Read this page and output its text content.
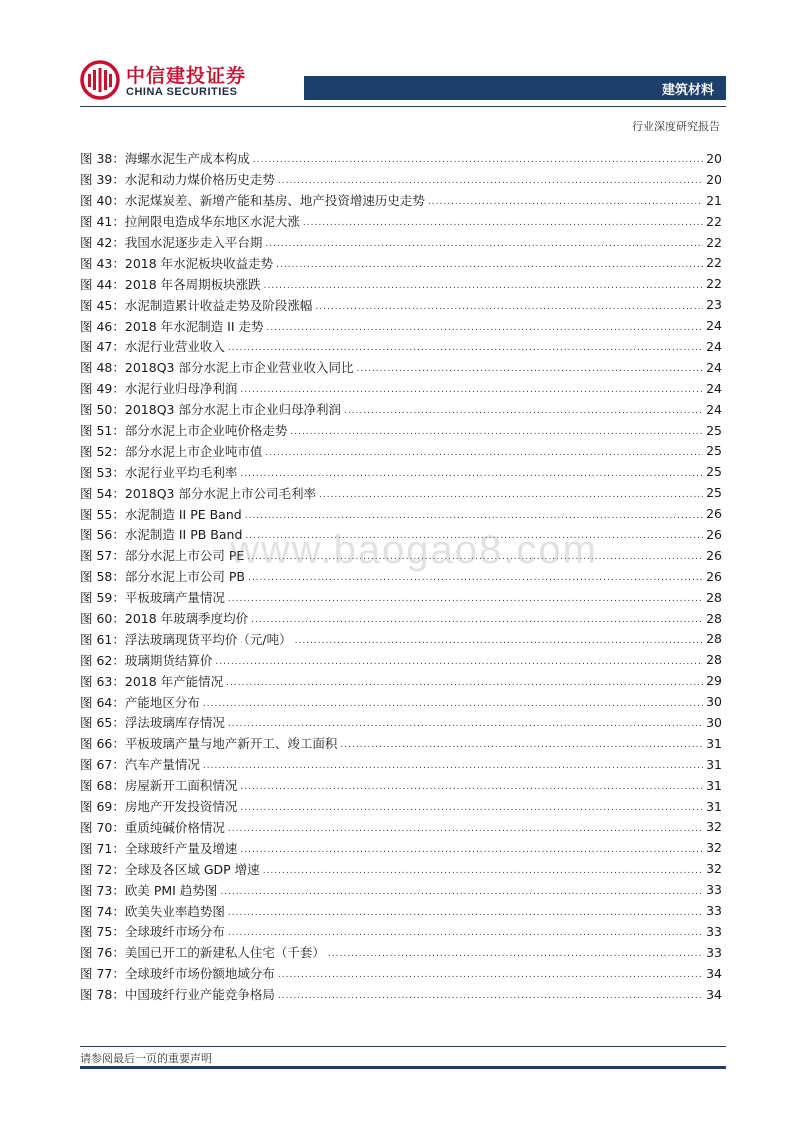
中信建投证券
CHINA SECURITIES	建筑材料
行业深度研究报告
图 38：海螺水泥生产成本构成 .....	20
图 39：水泥和动力煤价格历史走势 .....	20
图 40：水泥煤炭差、新增产能和基房、地产投资增速历史走势 .....	21
图 41：拉闸限电造成华东地区水泥大涨 .....	22
图 42：我国水泥逐步走入平台期 .....	22
图 43：2018 年水泥板块收益走势 .....	22
图 44：2018 年各周期板块涨跌 .....	22
图 45：水泥制造累计收益走势及阶段涨幅 .....	23
图 46：2018 年水泥制造 II 走势 .....	24
图 47：水泥行业营业收入 .....	24
图 48：2018Q3 部分水泥上市企业营业收入同比 .....	24
图 49：水泥行业归母净利润 .....	24
图 50：2018Q3 部分水泥上市企业归母净利润 .....	24
图 51：部分水泥上市企业吨价格走势 .....	25
图 52：部分水泥上市企业吨市值 .....	25
图 53：水泥行业平均毛利率 .....	25
图 54：2018Q3 部分水泥上市公司毛利率 .....	25
图 55：水泥制造 II PE Band .....	26
图 56：水泥制造 II PB Band .....	26
图 57：部分水泥上市公司 PE .....	26
图 58：部分水泥上市公司 PB .....	26
图 59：平板玻璃产量情况 .....	28
图 60：2018 年玻璃季度均价 .....	28
图 61：浮法玻璃现货平均价（元/吨） .....	28
图 62：玻璃期货结算价 .....	28
图 63：2018 年产能情况 .....	29
图 64：产能地区分布 .....	30
图 65：浮法玻璃库存情况 .....	30
图 66：平板玻璃产量与地产新开工、竣工面积 .....	31
图 67：汽车产量情况 .....	31
图 68：房屋新开工面积情况 .....	31
图 69：房地产开发投资情况 .....	31
图 70：重质纯碱价格情况 .....	32
图 71：全球玻纤产量及增速 .....	32
图 72：全球及各区域 GDP 增速 .....	32
图 73：欧美 PMI 趋势图 .....	33
图 74：欧美失业率趋势图 .....	33
图 75：全球玻纤市场分布 .....	33
图 76：美国已开工的新建私人住宅（千套） .....	33
图 77：全球玻纤市场份额地域分布 .....	34
图 78：中国玻纤行业产能竞争格局 .....	34
www.baogao8.com
请参阅最后一页的重要声明
